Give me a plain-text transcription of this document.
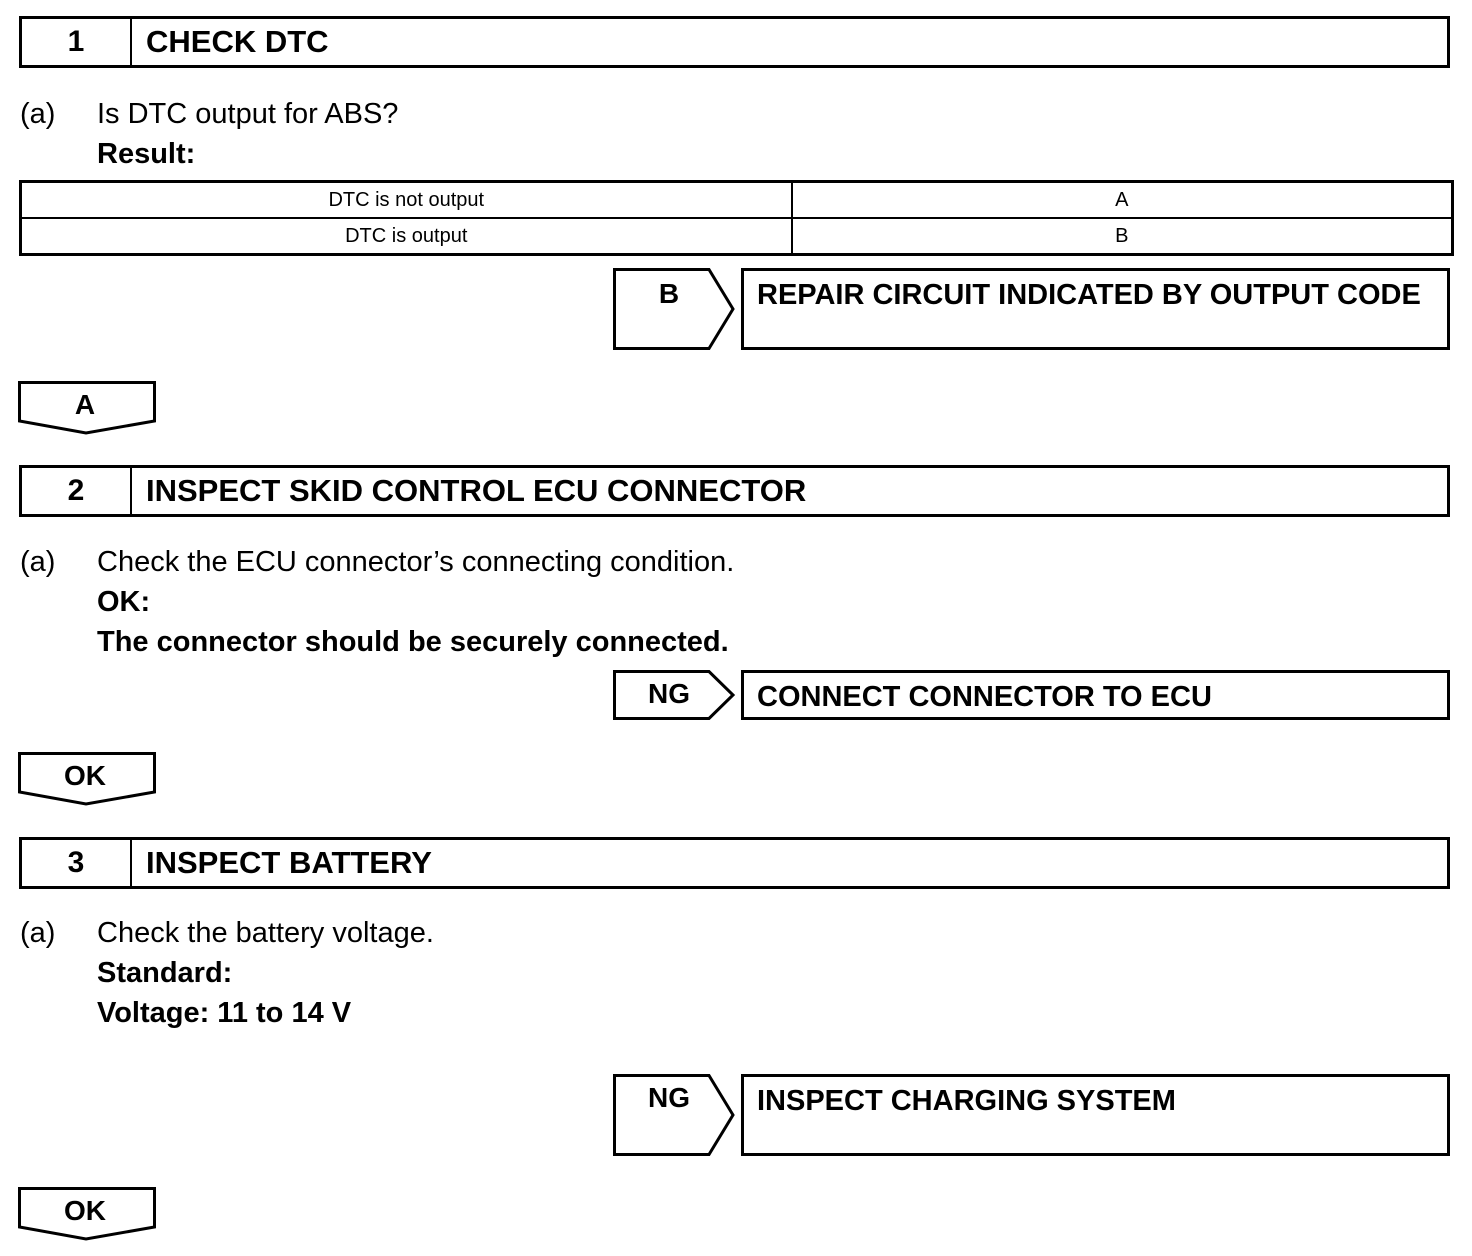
1	CHECK DTC
(a) Is DTC output for ABS?
Result:
DTC is not output	A
DTC is output	B
B	REPAIR CIRCUIT INDICATED BY OUTPUT CODE
A
2	INSPECT SKID CONTROL ECU CONNECTOR
(a) Check the ECU connector’s connecting condition.
OK:
The connector should be securely connected.
NG	CONNECT CONNECTOR TO ECU
OK
3	INSPECT BATTERY
(a) Check the battery voltage.
Standard:
Voltage: 11 to 14 V
NG	INSPECT CHARGING SYSTEM
OK
